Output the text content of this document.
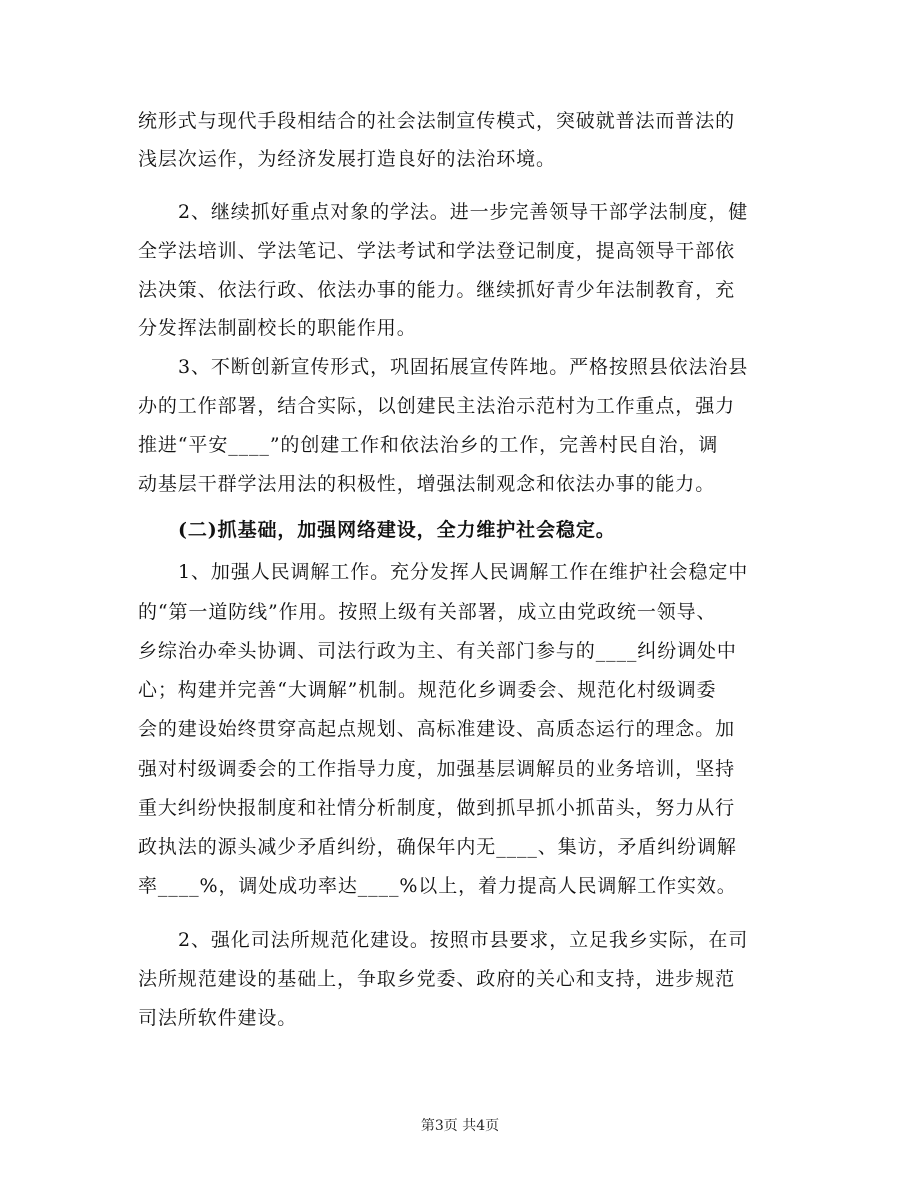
统形式与现代手段相结合的社会法制宣传模式，突破就普法而普法的
浅层次运作，为经济发展打造良好的法治环境。
2、继续抓好重点对象的学法。进一步完善领导干部学法制度，健
全学法培训、学法笔记、学法考试和学法登记制度，提高领导干部依
法决策、依法行政、依法办事的能力。继续抓好青少年法制教育，充
分发挥法制副校长的职能作用。
3、不断创新宣传形式，巩固拓展宣传阵地。严格按照县依法治县
办的工作部署，结合实际，以创建民主法治示范村为工作重点，强力
推进“平安____”的创建工作和依法治乡的工作，完善村民自治，调
动基层干群学法用法的积极性，增强法制观念和依法办事的能力。
(二)抓基础，加强网络建设，全力维护社会稳定。
1、加强人民调解工作。充分发挥人民调解工作在维护社会稳定中
的“第一道防线”作用。按照上级有关部署，成立由党政统一领导、
乡综治办牵头协调、司法行政为主、有关部门参与的____纠纷调处中
心；构建并完善“大调解”机制。规范化乡调委会、规范化村级调委
会的建设始终贯穿高起点规划、高标准建设、高质态运行的理念。加
强对村级调委会的工作指导力度，加强基层调解员的业务培训，坚持
重大纠纷快报制度和社情分析制度，做到抓早抓小抓苗头，努力从行
政执法的源头减少矛盾纠纷，确保年内无____、集访，矛盾纠纷调解
率____%，调处成功率达____%以上，着力提高人民调解工作实效。
2、强化司法所规范化建设。按照市县要求，立足我乡实际，在司
法所规范建设的基础上，争取乡党委、政府的关心和支持，进步规范
司法所软件建设。
第3页 共4页
